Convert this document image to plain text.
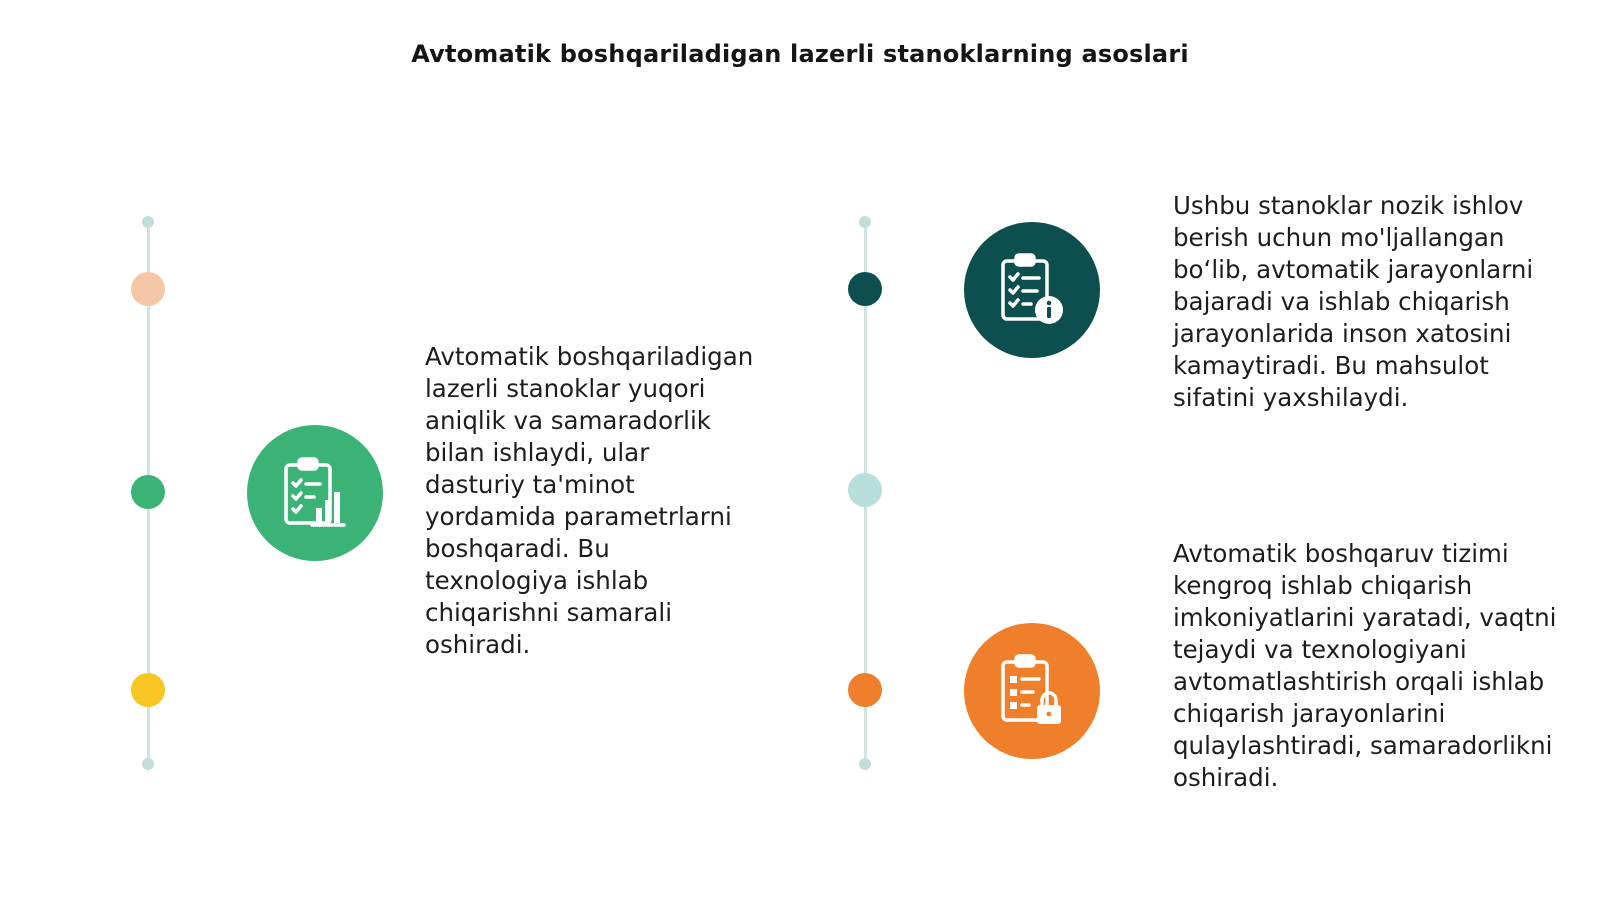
Avtomatik boshqariladigan lazerli stanoklarning asoslari
Avtomatik boshqariladigan lazerli stanoklar yuqori aniqlik va samaradorlik bilan ishlaydi, ular dasturiy ta'minot yordamida parametrlarni boshqaradi. Bu texnologiya ishlab chiqarishni samarali oshiradi.
Ushbu stanoklar nozik ishlov berish uchun mo'ljallangan bo‘lib, avtomatik jarayonlarni bajaradi va ishlab chiqarish jarayonlarida inson xatosini kamaytiradi. Bu mahsulot sifatini yaxshilaydi.
Avtomatik boshqaruv tizimi kengroq ishlab chiqarish imkoniyatlarini yaratadi, vaqtni tejaydi va texnologiyani avtomatlashtirish orqali ishlab chiqarish jarayonlarini qulaylashtiradi, samaradorlikni oshiradi.
